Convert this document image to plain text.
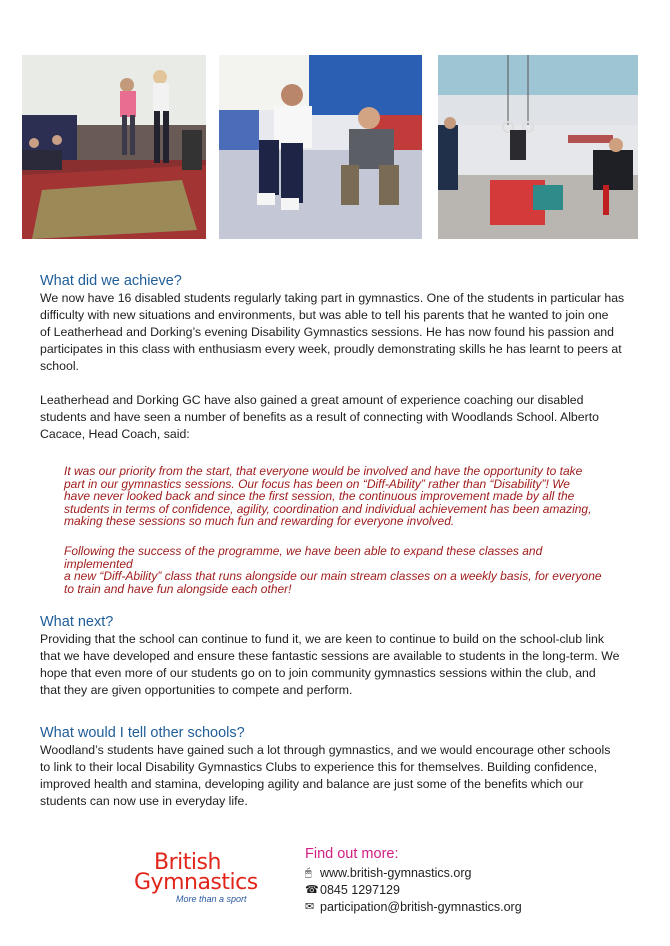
What did we achieve?

We now have 16 disabled students regularly taking part in gymnastics. One of the students in particular has
difficulty with new situations and environments, but was able to tell his parents that he wanted to join one
of Leatherhead and Dorking’s evening Disability Gymnastics sessions. He has now found his passion and
participates in this class with enthusiasm every week, proudly demonstrating skills he has learnt to peers at
school.

Leatherhead and Dorking GC have also gained a great amount of experience coaching our disabled
students and have seen a number of benefits as a result of connecting with Woodlands School. Alberto
Cacace, Head Coach, said:

It was our priority from the start, that everyone would be involved and have the opportunity to take
part in our gymnastics sessions. Our focus has been on “Diff-Ability” rather than “Disability”! We
have never looked back and since the first session, the continuous improvement made by all the
students in terms of confidence, agility, coordination and individual achievement has been amazing,
making these sessions so much fun and rewarding for everyone involved.
Following the success of the programme, we have been able to expand these classes and implemented
a new “Diff-Ability” class that runs alongside our main stream classes on a weekly basis, for everyone
to train and have fun alongside each other!
What next?

Providing that the school can continue to fund it, we are keen to continue to build on the school-club link
that we have developed and ensure these fantastic sessions are available to students in the long-term. We
hope that even more of our students go on to join community gymnastics sessions within the club, and
that they are given opportunities to compete and perform.

What would I tell other schools?

Woodland’s students have gained such a lot through gymnastics, and we would encourage other schools
to link to their local Disability Gymnastics Clubs to experience this for themselves. Building confidence,
improved health and stamina, developing agility and balance are just some of the benefits which our
students can now use in everyday life.

British
Gymnastics
More than a sport
Find out more:
🖱 www.british-gymnastics.org
☎ 0845 1297129
✉ participation@british-gymnastics.org
